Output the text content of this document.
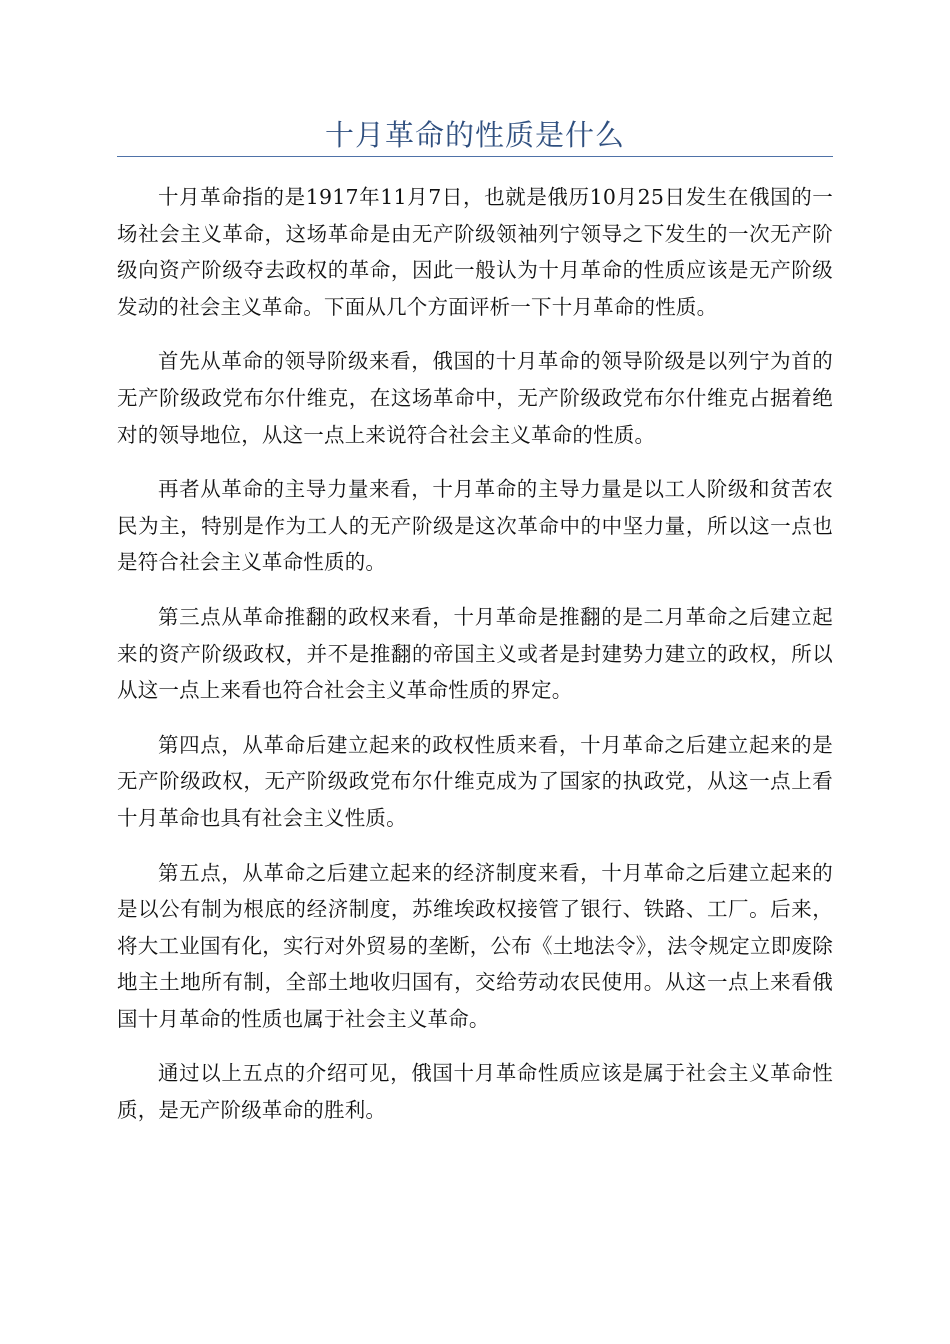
十月革命的性质是什么

十月革命指的是1917年11月7日，也就是俄历10月25日发生在俄国的一场社会主义革命，这场革命是由无产阶级领袖列宁领导之下发生的一次无产阶级向资产阶级夺去政权的革命，因此一般认为十月革命的性质应该是无产阶级发动的社会主义革命。下面从几个方面评析一下十月革命的性质。

首先从革命的领导阶级来看，俄国的十月革命的领导阶级是以列宁为首的无产阶级政党布尔什维克，在这场革命中，无产阶级政党布尔什维克占据着绝对的领导地位，从这一点上来说符合社会主义革命的性质。

再者从革命的主导力量来看，十月革命的主导力量是以工人阶级和贫苦农民为主，特别是作为工人的无产阶级是这次革命中的中坚力量，所以这一点也是符合社会主义革命性质的。

第三点从革命推翻的政权来看，十月革命是推翻的是二月革命之后建立起来的资产阶级政权，并不是推翻的帝国主义或者是封建势力建立的政权，所以从这一点上来看也符合社会主义革命性质的界定。

第四点，从革命后建立起来的政权性质来看，十月革命之后建立起来的是无产阶级政权，无产阶级政党布尔什维克成为了国家的执政党，从这一点上看十月革命也具有社会主义性质。

第五点，从革命之后建立起来的经济制度来看，十月革命之后建立起来的是以公有制为根底的经济制度，苏维埃政权接管了银行、铁路、工厂。后来，将大工业国有化，实行对外贸易的垄断，公布《土地法令》，法令规定立即废除地主土地所有制，全部土地收归国有，交给劳动农民使用。从这一点上来看俄国十月革命的性质也属于社会主义革命。

通过以上五点的介绍可见，俄国十月革命性质应该是属于社会主义革命性质，是无产阶级革命的胜利。
